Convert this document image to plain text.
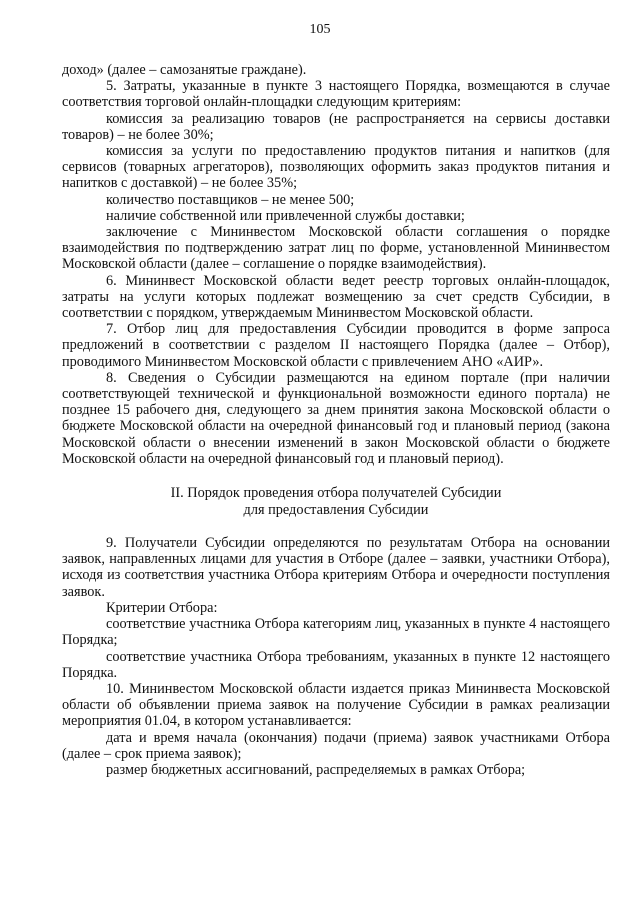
105

доход» (далее – самозанятые граждане).

5. Затраты, указанные в пункте 3 настоящего Порядка, возмещаются в случае соответствия торговой онлайн-площадки следующим критериям:

комиссия за реализацию товаров (не распространяется на сервисы доставки товаров) – не более 30%;

комиссия за услуги по предоставлению продуктов питания и напитков (для сервисов (товарных агрегаторов), позволяющих оформить заказ продуктов питания и напитков с доставкой) – не более 35%;

количество поставщиков – не менее 500;

наличие собственной или привлеченной службы доставки;

заключение с Мининвестом Московской области соглашения о порядке взаимодействия по подтверждению затрат лиц по форме, установленной Мининвестом Московской области (далее – соглашение о порядке взаимодействия).

6. Мининвест Московской области ведет реестр торговых онлайн-площадок, затраты на услуги которых подлежат возмещению за счет средств Субсидии, в соответствии с порядком, утверждаемым Мининвестом Московской области.

7. Отбор лиц для предоставления Субсидии проводится в форме запроса предложений в соответствии с разделом II настоящего Порядка (далее – Отбор), проводимого Мининвестом Московской области с привлечением АНО «АИР».

8. Сведения о Субсидии размещаются на едином портале (при наличии соответствующей технической и функциональной возможности единого портала) не позднее 15 рабочего дня, следующего за днем принятия закона Московской области о бюджете Московской области на очередной финансовый год и плановый период (закона Московской области о внесении изменений в закон Московской области о бюджете Московской области на очередной финансовый год и плановый период).

II. Порядок проведения отбора получателей Субсидии

для предоставления Субсидии

9. Получатели Субсидии определяются по результатам Отбора на основании заявок, направленных лицами для участия в Отборе (далее – заявки, участники Отбора), исходя из соответствия участника Отбора критериям Отбора и очередности поступления заявок.

Критерии Отбора:

соответствие участника Отбора категориям лиц, указанных в пункте 4 настоящего Порядка;

соответствие участника Отбора требованиям, указанных в пункте 12 настоящего Порядка.

10. Мининвестом Московской области издается приказ Мининвеста Московской области об объявлении приема заявок на получение Субсидии в рамках реализации мероприятия 01.04, в котором устанавливается:

дата и время начала (окончания) подачи (приема) заявок участниками Отбора (далее – срок приема заявок);

размер бюджетных ассигнований, распределяемых в рамках Отбора;
